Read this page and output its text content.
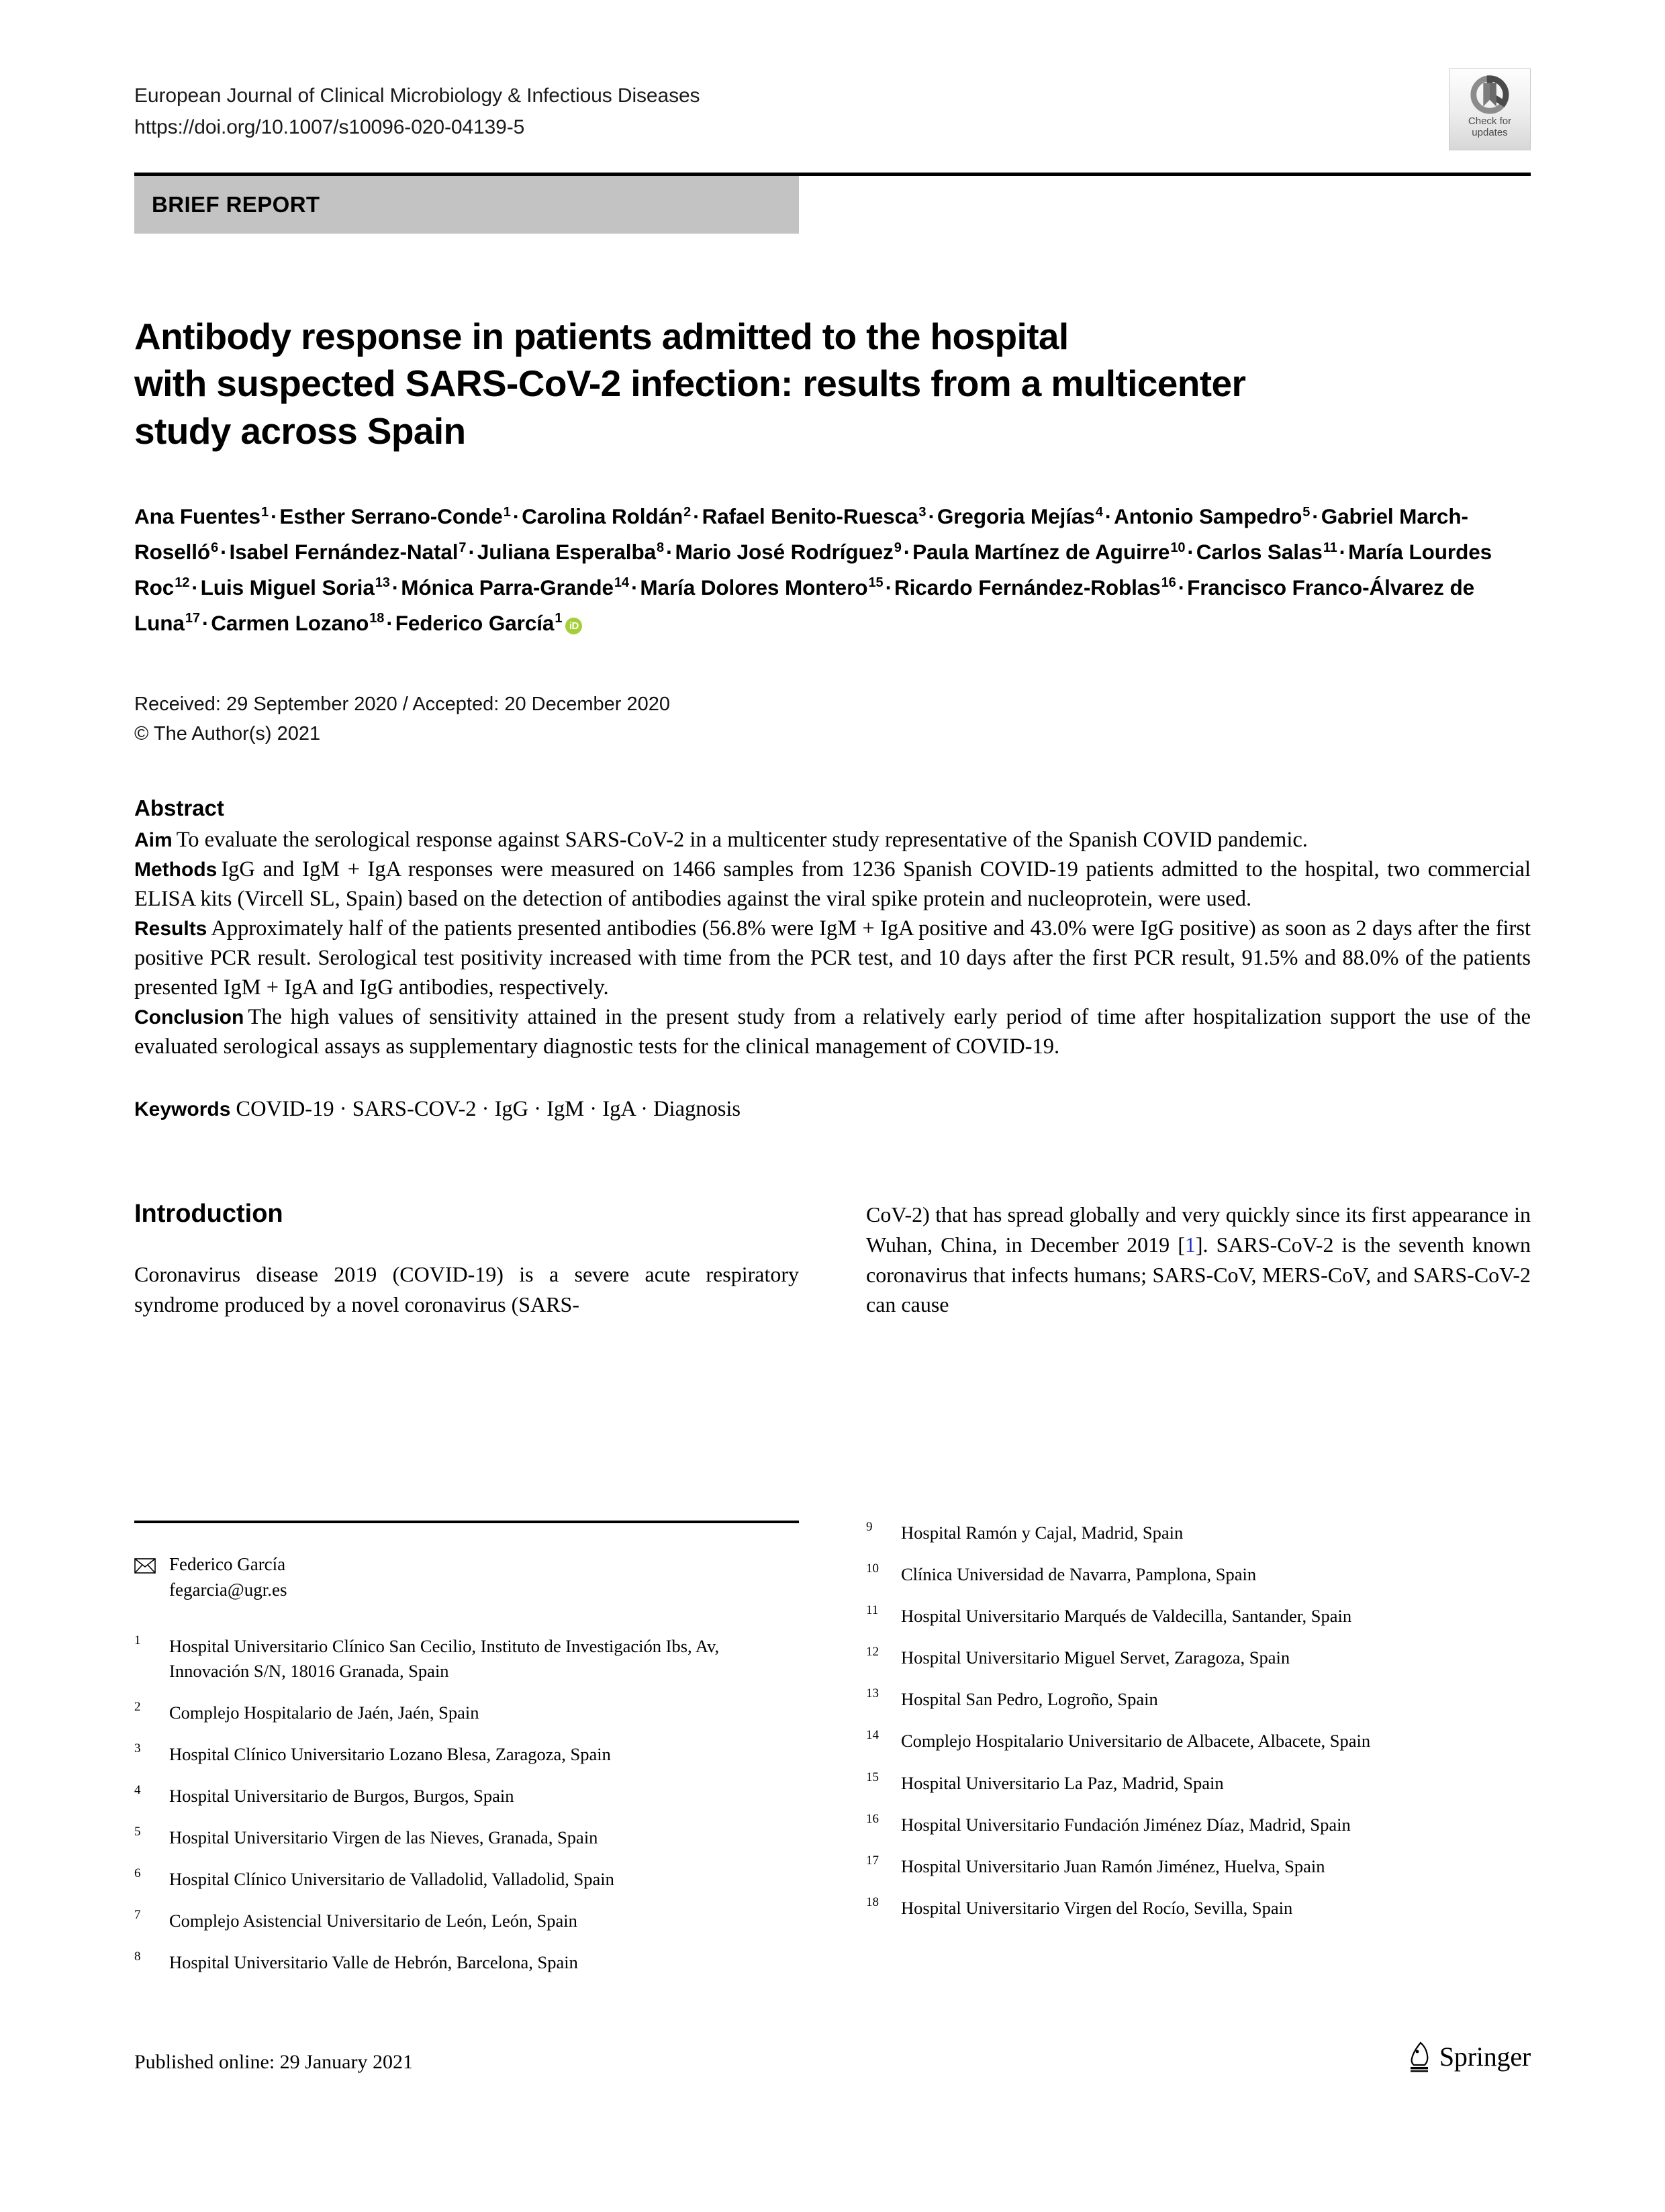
European Journal of Clinical Microbiology & Infectious Diseases
https://doi.org/10.1007/s10096-020-04139-5
BRIEF REPORT
Antibody response in patients admitted to the hospital
with suspected SARS-CoV-2 infection: results from a multicenter
study across Spain
Ana Fuentes$^1$·Esther Serrano-Conde$^1$·Carolina Roldán$^2$·Rafael Benito-Ruesca$^3$·Gregoria Mejías$^4$·Antonio Sampedro$^5$·Gabriel March-Roselló$^6$·Isabel Fernández-Natal$^7$·Juliana Esperalba$^8$·Mario José Rodríguez$^9$·Paula Martínez de Aguirre$^{10}$·Carlos Salas$^{11}$·María Lourdes Roc$^{12}$·Luis Miguel Soria$^{13}$·Mónica Parra-Grande$^{14}$·María Dolores Montero$^{15}$·Ricardo Fernández-Roblas$^{16}$·Francisco Franco-Álvarez de Luna$^{17}$·Carmen Lozano$^{18}$·Federico García$^1$ iD
Received: 29 September 2020 / Accepted: 20 December 2020
© The Author(s) 2021
Abstract

Aim To evaluate the serological response against SARS-CoV-2 in a multicenter study representative of the Spanish COVID pandemic.

Methods IgG and IgM + IgA responses were measured on 1466 samples from 1236 Spanish COVID-19 patients admitted to the hospital, two commercial ELISA kits (Vircell SL, Spain) based on the detection of antibodies against the viral spike protein and nucleoprotein, were used.

Results Approximately half of the patients presented antibodies (56.8% were IgM + IgA positive and 43.0% were IgG positive) as soon as 2 days after the first positive PCR result. Serological test positivity increased with time from the PCR test, and 10 days after the first PCR result, 91.5% and 88.0% of the patients presented IgM + IgA and IgG antibodies, respectively.

Conclusion The high values of sensitivity attained in the present study from a relatively early period of time after hospitalization support the use of the evaluated serological assays as supplementary diagnostic tests for the clinical management of COVID-19.

Keywords COVID-19 · SARS-COV-2 · IgG · IgM · IgA · Diagnosis
Introduction

Coronavirus disease 2019 (COVID-19) is a severe acute respiratory syndrome produced by a novel coronavirus (SARS-

CoV-2) that has spread globally and very quickly since its first appearance in Wuhan, China, in December 2019 [1]. SARS-CoV-2 is the seventh known coronavirus that infects humans; SARS-CoV, MERS-CoV, and SARS-CoV-2 can cause

Check for
updates
Federico García
fegarcia@ugr.es
1	Hospital Universitario Clínico San Cecilio, Instituto de Investigación Ibs, Av, Innovación S/N, 18016 Granada, Spain
2	Complejo Hospitalario de Jaén, Jaén, Spain
3	Hospital Clínico Universitario Lozano Blesa, Zaragoza, Spain
4	Hospital Universitario de Burgos, Burgos, Spain
5	Hospital Universitario Virgen de las Nieves, Granada, Spain
6	Hospital Clínico Universitario de Valladolid, Valladolid, Spain
7	Complejo Asistencial Universitario de León, León, Spain
8	Hospital Universitario Valle de Hebrón, Barcelona, Spain
9	Hospital Ramón y Cajal, Madrid, Spain
10	Clínica Universidad de Navarra, Pamplona, Spain
11	Hospital Universitario Marqués de Valdecilla, Santander, Spain
12	Hospital Universitario Miguel Servet, Zaragoza, Spain
13	Hospital San Pedro, Logroño, Spain
14	Complejo Hospitalario Universitario de Albacete, Albacete, Spain
15	Hospital Universitario La Paz, Madrid, Spain
16	Hospital Universitario Fundación Jiménez Díaz, Madrid, Spain
17	Hospital Universitario Juan Ramón Jiménez, Huelva, Spain
18	Hospital Universitario Virgen del Rocío, Sevilla, Spain
Published online: 29 January 2021	Springer
